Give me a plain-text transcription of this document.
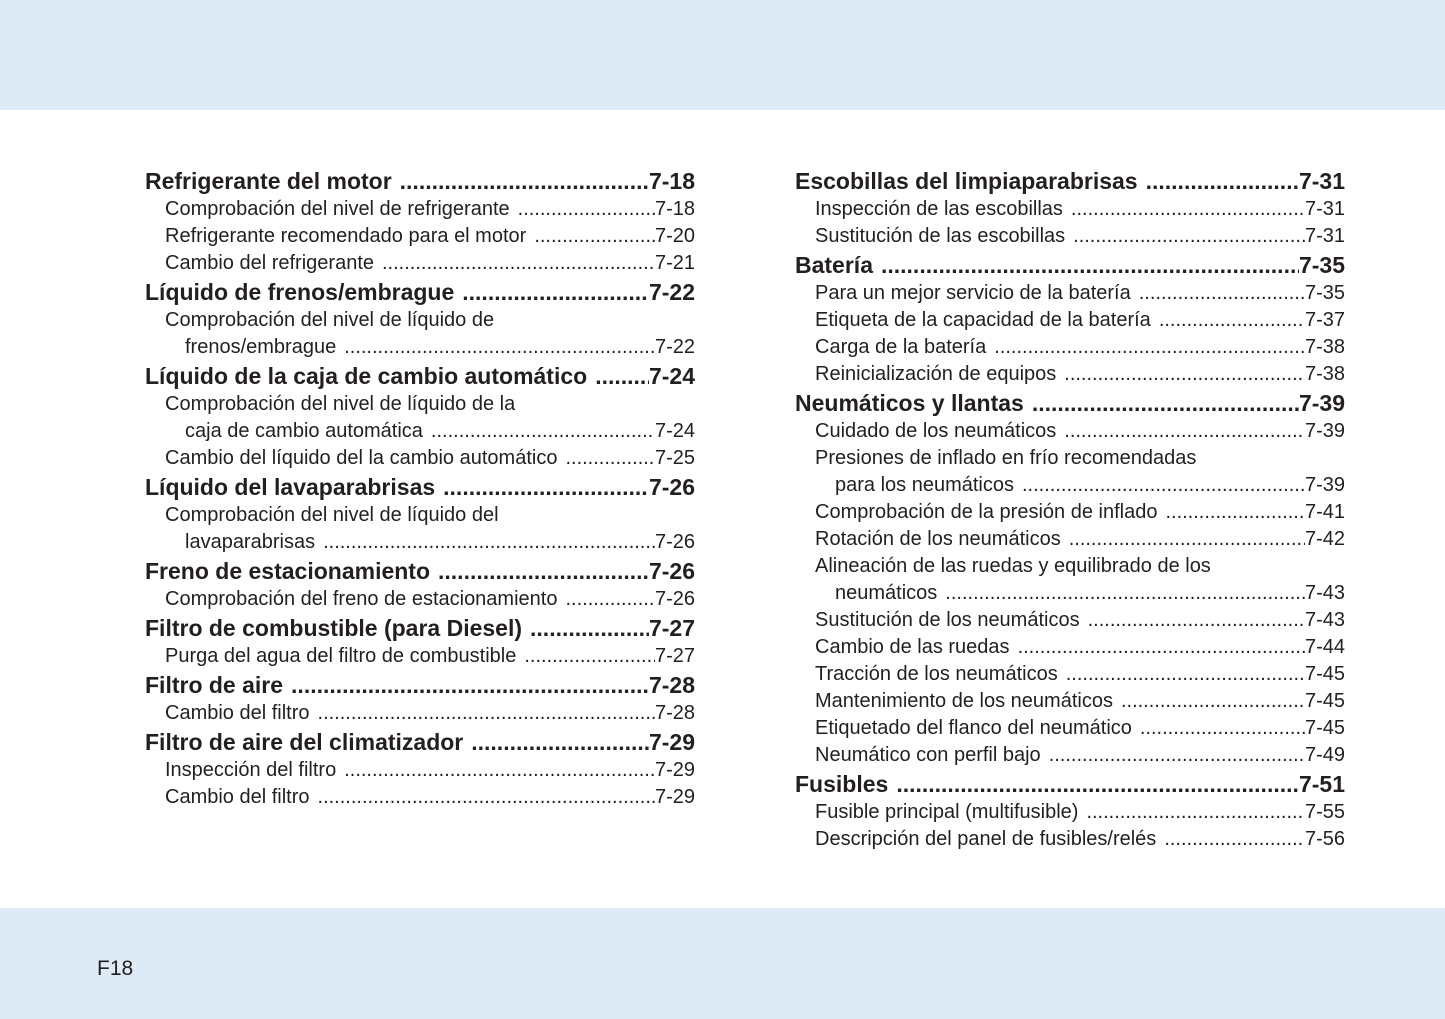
Refrigerante del motor .....	7-18
Comprobación del nivel de refrigerante .....	7-18
Refrigerante recomendado para el motor .....	7-20
Cambio del refrigerante .....	7-21
Líquido de frenos/embrague .....	7-22
Comprobación del nivel de líquido de
frenos/embrague .....	7-22
Líquido de la caja de cambio automático .....	7-24
Comprobación del nivel de líquido de la
caja de cambio automática .....	7-24
Cambio del líquido del la cambio automático .....	7-25
Líquido del lavaparabrisas .....	7-26
Comprobación del nivel de líquido del
lavaparabrisas .....	7-26
Freno de estacionamiento .....	7-26
Comprobación del freno de estacionamiento .....	7-26
Filtro de combustible (para Diesel) .....	7-27
Purga del agua del filtro de combustible .....	7-27
Filtro de aire .....	7-28
Cambio del filtro .....	7-28
Filtro de aire del climatizador .....	7-29
Inspección del filtro .....	7-29
Cambio del filtro .....	7-29
Escobillas del limpiaparabrisas .....	7-31
Inspección de las escobillas .....	7-31
Sustitución de las escobillas .....	7-31
Batería .....	7-35
Para un mejor servicio de la batería .....	7-35
Etiqueta de la capacidad de la batería .....	7-37
Carga de la batería .....	7-38
Reinicialización de equipos .....	7-38
Neumáticos y llantas .....	7-39
Cuidado de los neumáticos .....	7-39
Presiones de inflado en frío recomendadas
para los neumáticos .....	7-39
Comprobación de la presión de inflado .....	7-41
Rotación de los neumáticos .....	7-42
Alineación de las ruedas y equilibrado de los
neumáticos .....	7-43
Sustitución de los neumáticos .....	7-43
Cambio de las ruedas .....	7-44
Tracción de los neumáticos .....	7-45
Mantenimiento de los neumáticos .....	7-45
Etiquetado del flanco del neumático .....	7-45
Neumático con perfil bajo .....	7-49
Fusibles .....	7-51
Fusible principal (multifusible) .....	7-55
Descripción del panel de fusibles/relés .....	7-56
F18
